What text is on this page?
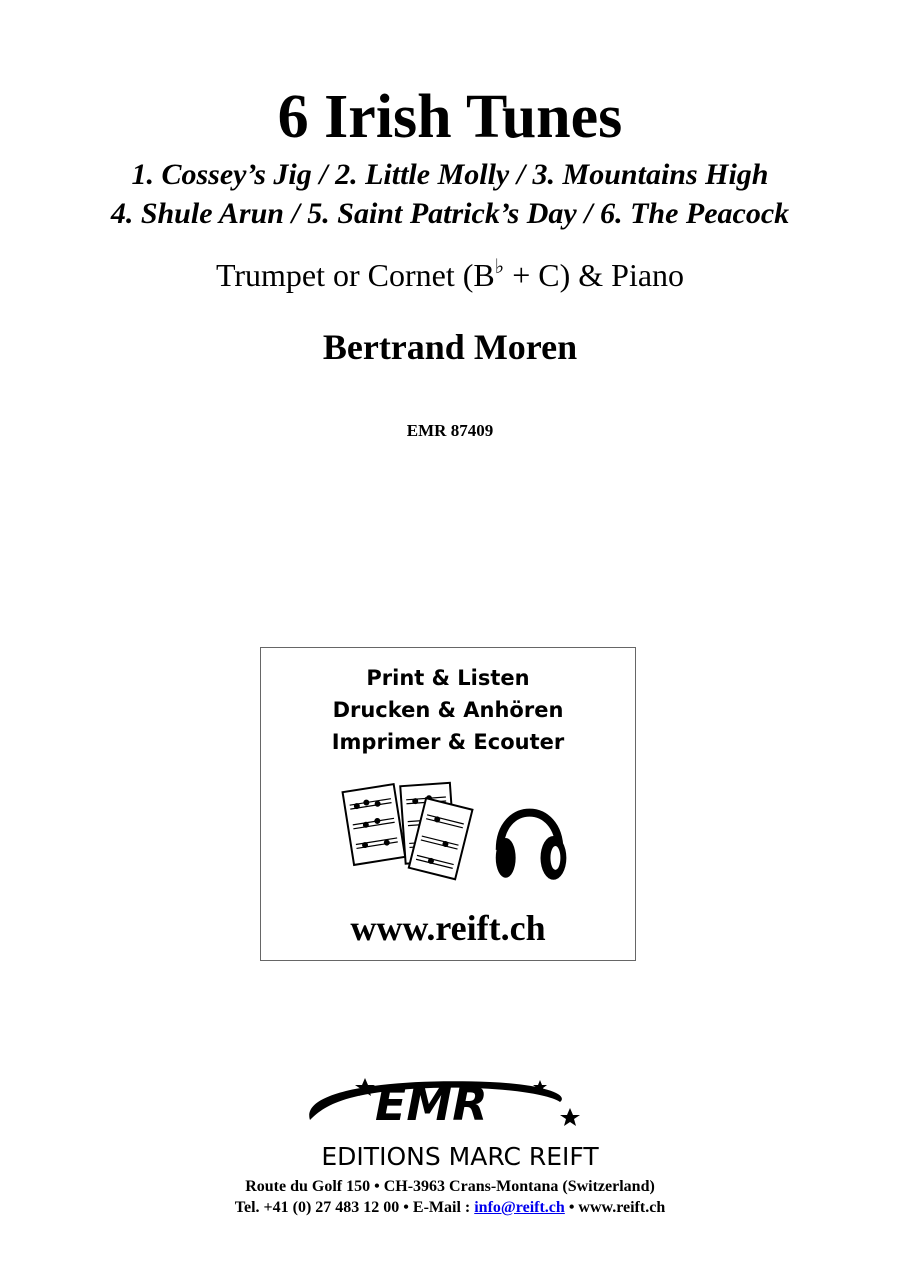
6 Irish Tunes
1. Cossey’s Jig / 2. Little Molly / 3. Mountains High
4. Shule Arun / 5. Saint Patrick’s Day / 6. The Peacock
Trumpet or Cornet (B♭ + C) & Piano
Bertrand Moren
EMR 87409
Print & Listen
Drucken & Anhören
Imprimer & Ecouter
www.reift.ch
EMR
EDITIONS MARC REIFT
Route du Golf 150 • CH-3963 Crans-Montana (Switzerland)
Tel. +41 (0) 27 483 12 00 • E-Mail : info@reift.ch • www.reift.ch
